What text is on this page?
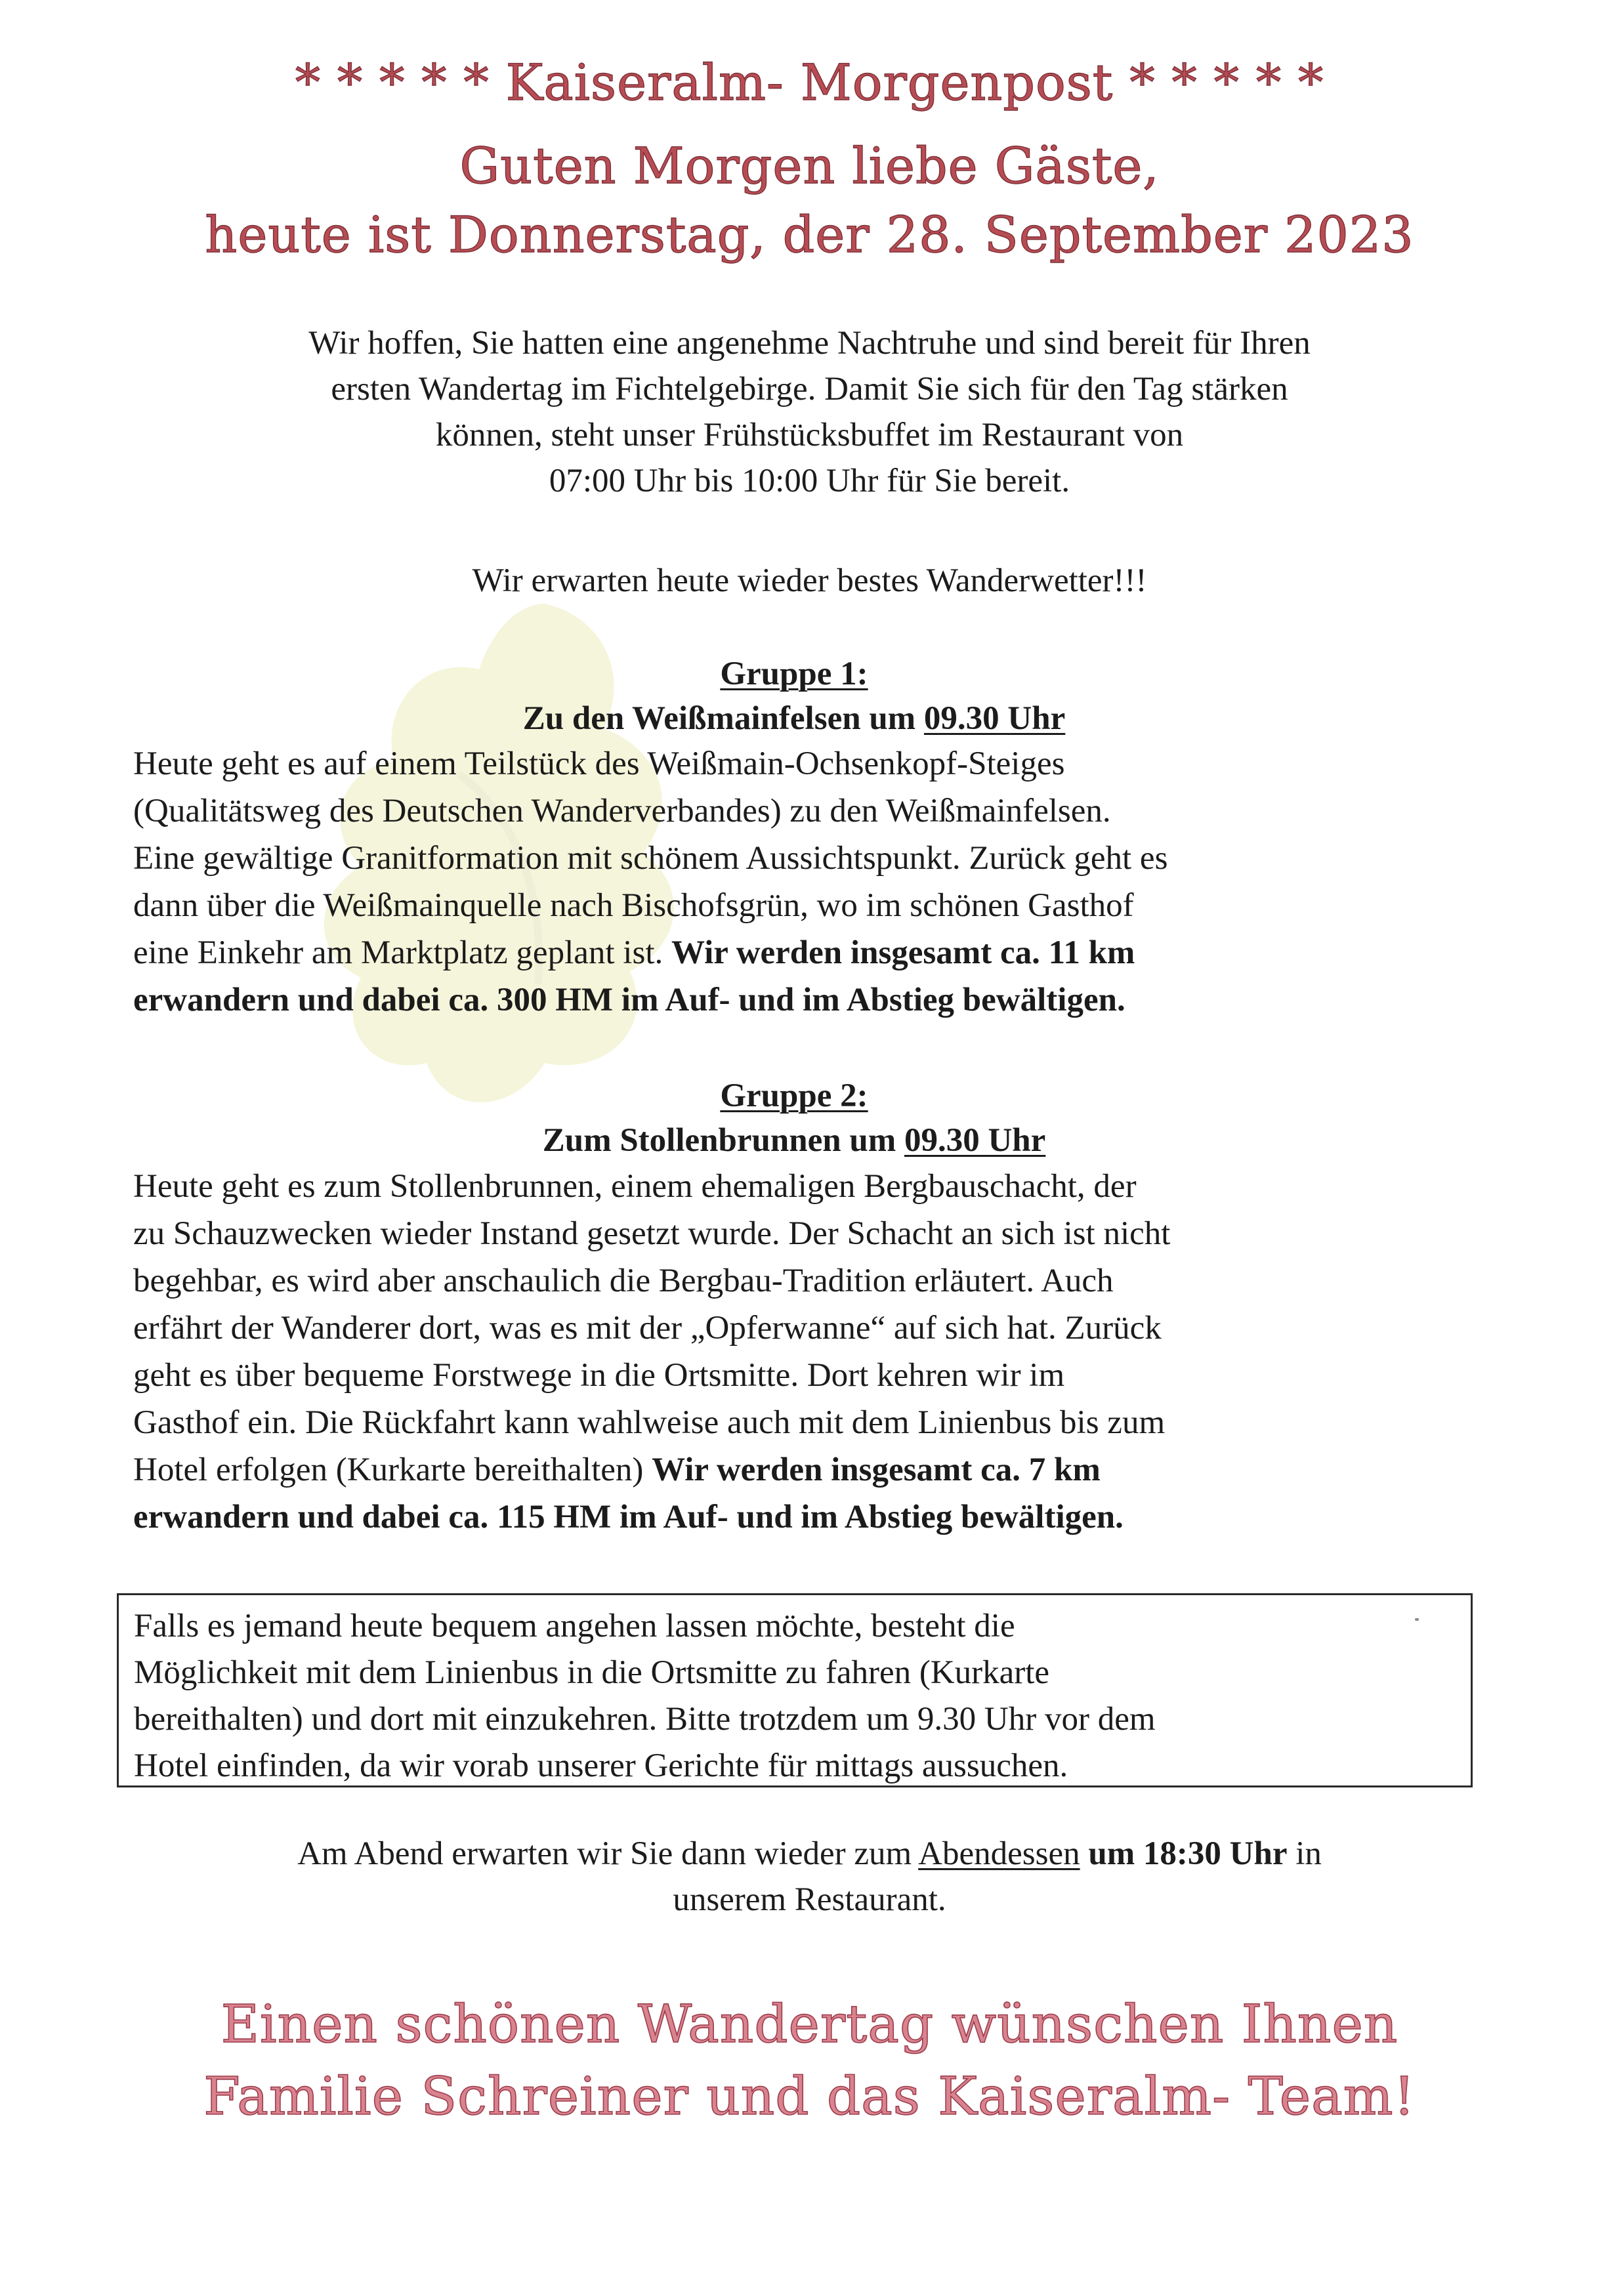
* * * * * Kaiseralm- Morgenpost * * * * *
Guten Morgen liebe Gäste,
heute ist Donnerstag, der 28. September 2023
Wir hoffen, Sie hatten eine angenehme Nachtruhe und sind bereit für Ihren
ersten Wandertag im Fichtelgebirge. Damit Sie sich für den Tag stärken
können, steht unser Frühstücksbuffet im Restaurant von
07:00 Uhr bis 10:00 Uhr für Sie bereit.
Wir erwarten heute wieder bestes Wanderwetter!!!
Gruppe 1:
Zu den Weißmainfelsen um 09.30 Uhr
Heute geht es auf einem Teilstück des Weißmain-Ochsenkopf-Steiges
(Qualitätsweg des Deutschen Wanderverbandes) zu den Weißmainfelsen.
Eine gewältige Granitformation mit schönem Aussichtspunkt. Zurück geht es
dann über die Weißmainquelle nach Bischofsgrün, wo im schönen Gasthof
eine Einkehr am Marktplatz geplant ist. Wir werden insgesamt ca. 11 km
erwandern und dabei ca. 300 HM im Auf- und im Abstieg bewältigen.
Gruppe 2:
Zum Stollenbrunnen um 09.30 Uhr
Heute geht es zum Stollenbrunnen, einem ehemaligen Bergbauschacht, der
zu Schauzwecken wieder Instand gesetzt wurde. Der Schacht an sich ist nicht
begehbar, es wird aber anschaulich die Bergbau-Tradition erläutert. Auch
erfährt der Wanderer dort, was es mit der „Opferwanne“ auf sich hat. Zurück
geht es über bequeme Forstwege in die Ortsmitte. Dort kehren wir im
Gasthof ein. Die Rückfahrt kann wahlweise auch mit dem Linienbus bis zum
Hotel erfolgen (Kurkarte bereithalten) Wir werden insgesamt ca. 7 km
erwandern und dabei ca. 115 HM im Auf- und im Abstieg bewältigen.
Falls es jemand heute bequem angehen lassen möchte, besteht die
Möglichkeit mit dem Linienbus in die Ortsmitte zu fahren (Kurkarte
bereithalten) und dort mit einzukehren. Bitte trotzdem um 9.30 Uhr vor dem
Hotel einfinden, da wir vorab unserer Gerichte für mittags aussuchen.
Am Abend erwarten wir Sie dann wieder zum Abendessen um 18:30 Uhr in
unserem Restaurant.
Einen schönen Wandertag wünschen Ihnen
Familie Schreiner und das Kaiseralm- Team!
